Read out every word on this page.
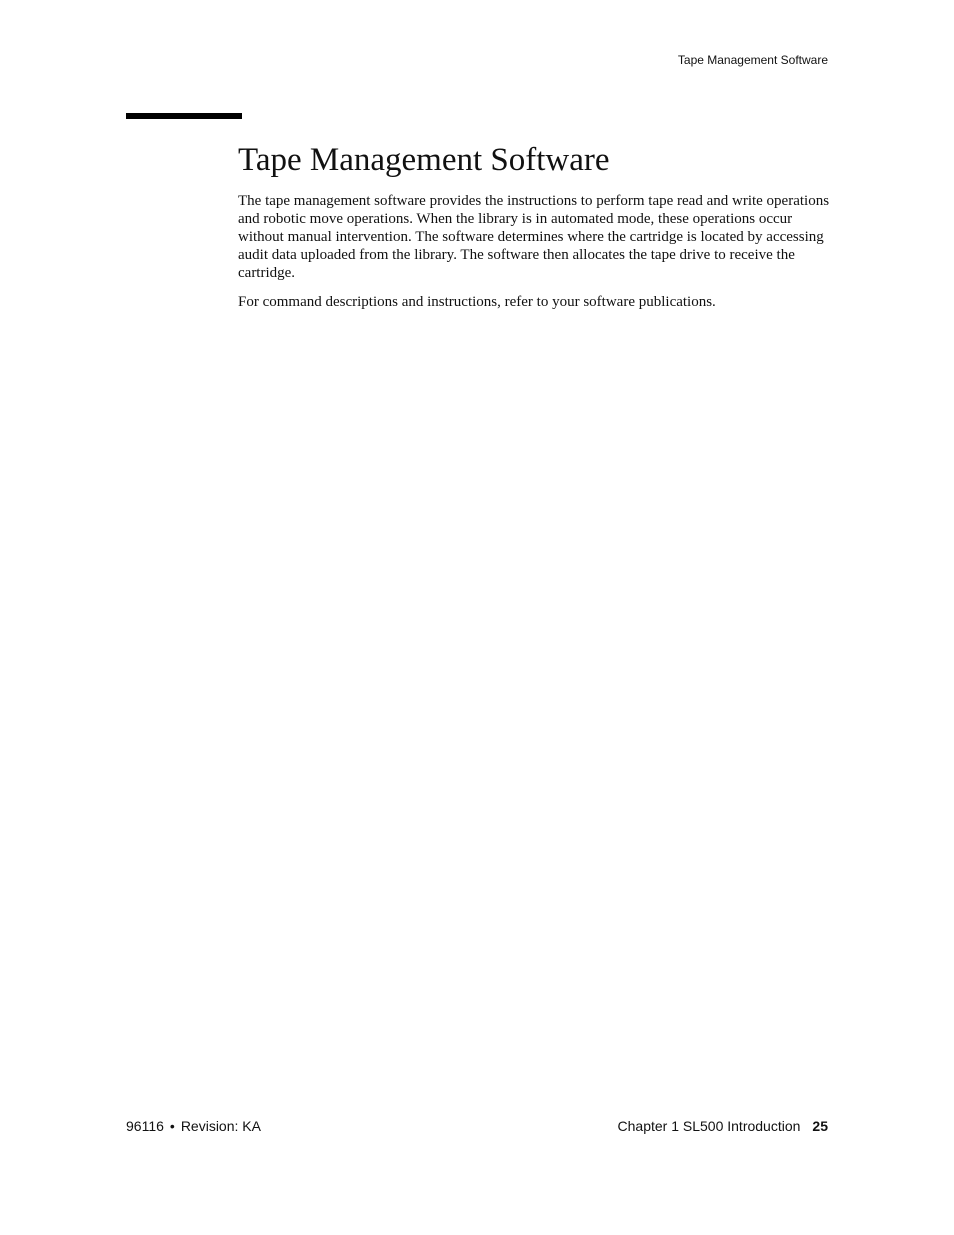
Tape Management Software
Tape Management Software

The tape management software provides the instructions to perform tape read and write operations and robotic move operations. When the library is in automated mode, these operations occur without manual intervention. The software determines where the cartridge is located by accessing audit data uploaded from the library. The software then allocates the tape drive to receive the cartridge.

For command descriptions and instructions, refer to your software publications.

96116 • Revision: KA	Chapter 1 SL500 Introduction 25
